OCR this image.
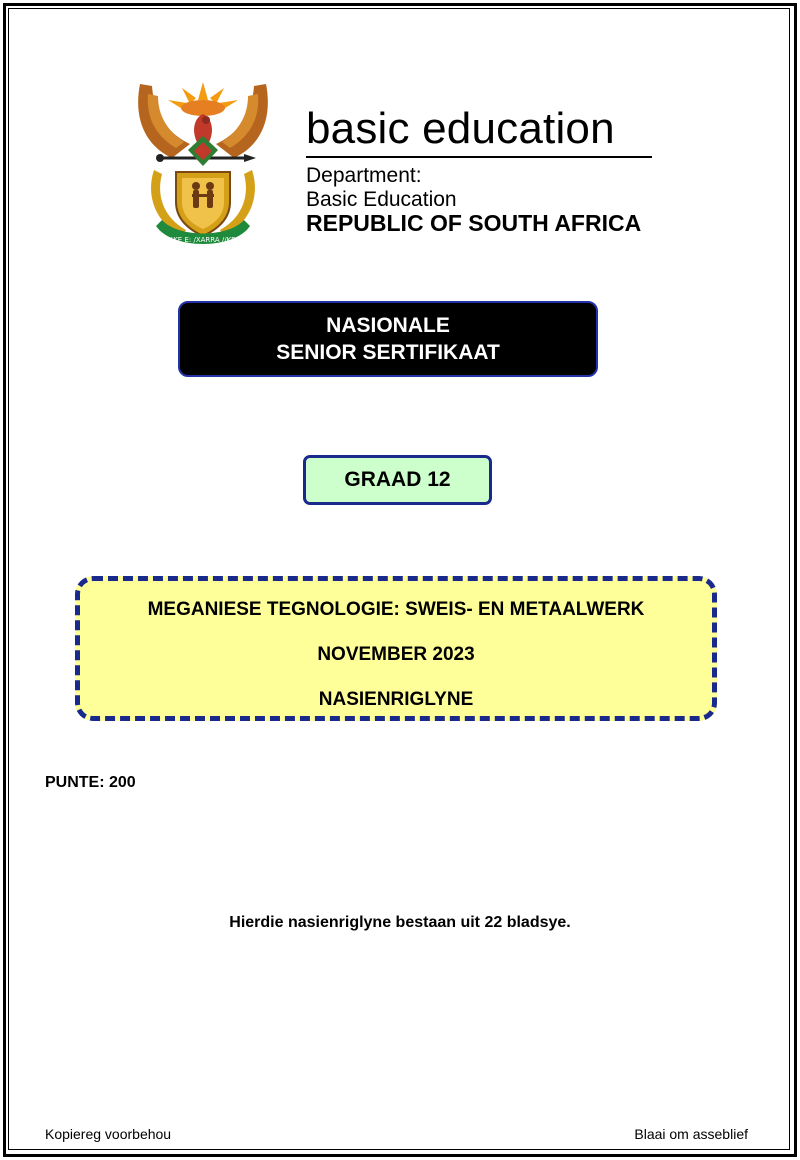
!KE E: /XARRA //KE
basic education
Department:
Basic Education
REPUBLIC OF SOUTH AFRICA
NASIONALE
SENIOR SERTIFIKAAT
GRAAD 12
MEGANIESE TEGNOLOGIE: SWEIS- EN METAALWERK
NOVEMBER 2023
NASIENRIGLYNE
PUNTE: 200
Hierdie nasienriglyne bestaan uit 22 bladsye.
Kopiereg voorbehou	Blaai om asseblief
